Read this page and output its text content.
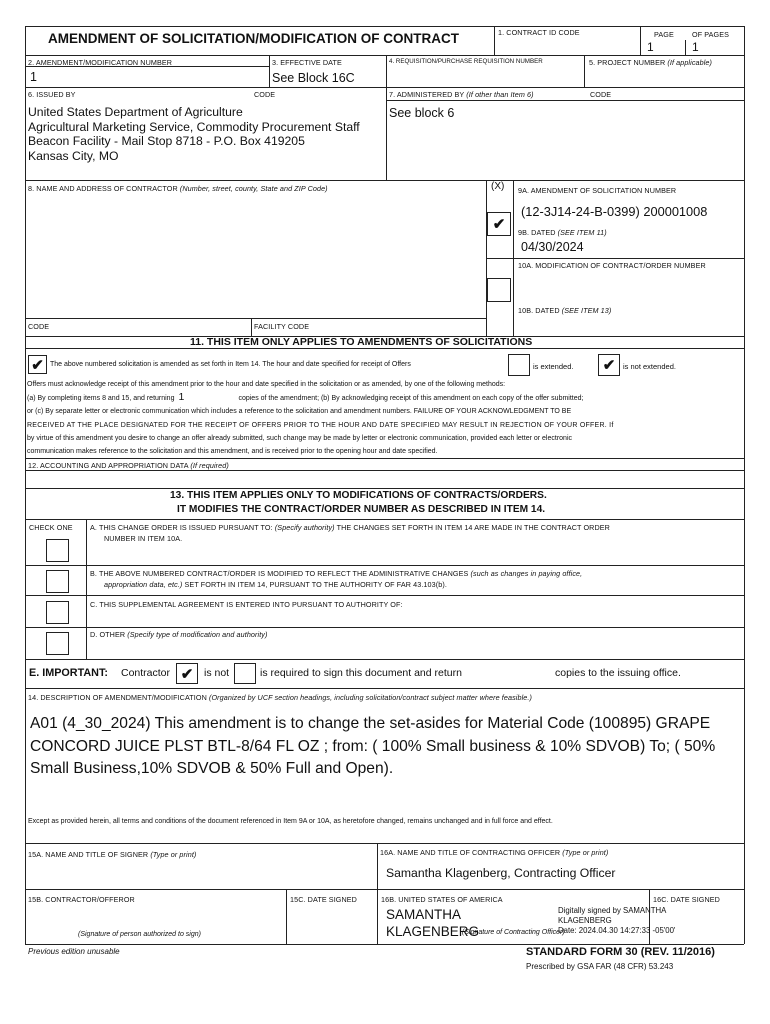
AMENDMENT OF SOLICITATION/MODIFICATION OF CONTRACT	1. CONTRACT ID CODE	PAGE	OF PAGES
1	1
2. AMENDMENT/MODIFICATION NUMBER
1
3. EFFECTIVE DATE
See Block 16C
4. REQUISITION/PURCHASE REQUISITION NUMBER	5. PROJECT NUMBER (If applicable)
6. ISSUED BY	CODE
United States Department of Agriculture
Agricultural Marketing Service, Commodity Procurement Staff
Beacon Facility - Mail Stop 8718 - P.O. Box 419205
Kansas City, MO
7. ADMINISTERED BY (If other than Item 6)	CODE
See block 6
8. NAME AND ADDRESS OF CONTRACTOR (Number, street, county, State and ZIP Code)	(X)
✔
9A. AMENDMENT OF SOLICITATION NUMBER
(12-3J14-24-B-0399) 200001008
9B. DATED (SEE ITEM 11)
04/30/2024
10A. MODIFICATION OF CONTRACT/ORDER NUMBER
10B. DATED (SEE ITEM 13)
CODE	FACILITY CODE
11. THIS ITEM ONLY APPLIES TO AMENDMENTS OF SOLICITATIONS
✔ The above numbered solicitation is amended as set forth in Item 14. The hour and date specified for receipt of Offers	is extended.	✔	is not extended.
Offers must acknowledge receipt of this amendment prior to the hour and date specified in the solicitation or as amended, by one of the following methods:
(a) By completing items 8 and 15, and returning 1	copies of the amendment; (b) By acknowledging receipt of this amendment on each copy of the offer submitted;
or (c) By separate letter or electronic communication which includes a reference to the solicitation and amendment numbers. FAILURE OF YOUR ACKNOWLEDGMENT TO BE
RECEIVED AT THE PLACE DESIGNATED FOR THE RECEIPT OF OFFERS PRIOR TO THE HOUR AND DATE SPECIFIED MAY RESULT IN REJECTION OF YOUR OFFER. If
by virtue of this amendment you desire to change an offer already submitted, such change may be made by letter or electronic communication, provided each letter or electronic
communication makes reference to the solicitation and this amendment, and is received prior to the opening hour and date specified.
12. ACCOUNTING AND APPROPRIATION DATA (If required)
13. THIS ITEM APPLIES ONLY TO MODIFICATIONS OF CONTRACTS/ORDERS.
IT MODIFIES THE CONTRACT/ORDER NUMBER AS DESCRIBED IN ITEM 14.
CHECK ONE A. THIS CHANGE ORDER IS ISSUED PURSUANT TO: (Specify authority) THE CHANGES SET FORTH IN ITEM 14 ARE MADE IN THE CONTRACT ORDER
NUMBER IN ITEM 10A.
B. THE ABOVE NUMBERED CONTRACT/ORDER IS MODIFIED TO REFLECT THE ADMINISTRATIVE CHANGES (such as changes in paying office,
appropriation data, etc.) SET FORTH IN ITEM 14, PURSUANT TO THE AUTHORITY OF FAR 43.103(b).
C. THIS SUPPLEMENTAL AGREEMENT IS ENTERED INTO PURSUANT TO AUTHORITY OF:
D. OTHER (Specify type of modification and authority)
E. IMPORTANT: Contractor ✔	is not	is required to sign this document and return	copies to the issuing office.
14. DESCRIPTION OF AMENDMENT/MODIFICATION (Organized by UCF section headings, including solicitation/contract subject matter where feasible.)
A01 (4_30_2024) This amendment is to change the set-asides for Material Code (100895) GRAPE
CONCORD JUICE PLST BTL-8/64 FL OZ ; from: ( 100% Small business & 10% SDVOB) To; ( 50%
Small Business,10% SDVOB & 50% Full and Open).
Except as provided herein, all terms and conditions of the document referenced in Item 9A or 10A, as heretofore changed, remains unchanged and in full force and effect.
15A. NAME AND TITLE OF SIGNER (Type or print)	16A. NAME AND TITLE OF CONTRACTING OFFICER (Type or print)
Samantha Klagenberg, Contracting Officer
15B. CONTRACTOR/OFFEROR	15C. DATE SIGNED	16B. UNITED STATES OF AMERICA	16C. DATE SIGNED
SAMANTHA
KLAGENBERG
Digitally signed by SAMANTHA
KLAGENBERG
Date: 2024.04.30 14:27:33 -05'00'
(Signature of person authorized to sign)	(Signature of Contracting Officer)
Previous edition unusable	STANDARD FORM 30 (REV. 11/2016)
Prescribed by GSA FAR (48 CFR) 53.243
